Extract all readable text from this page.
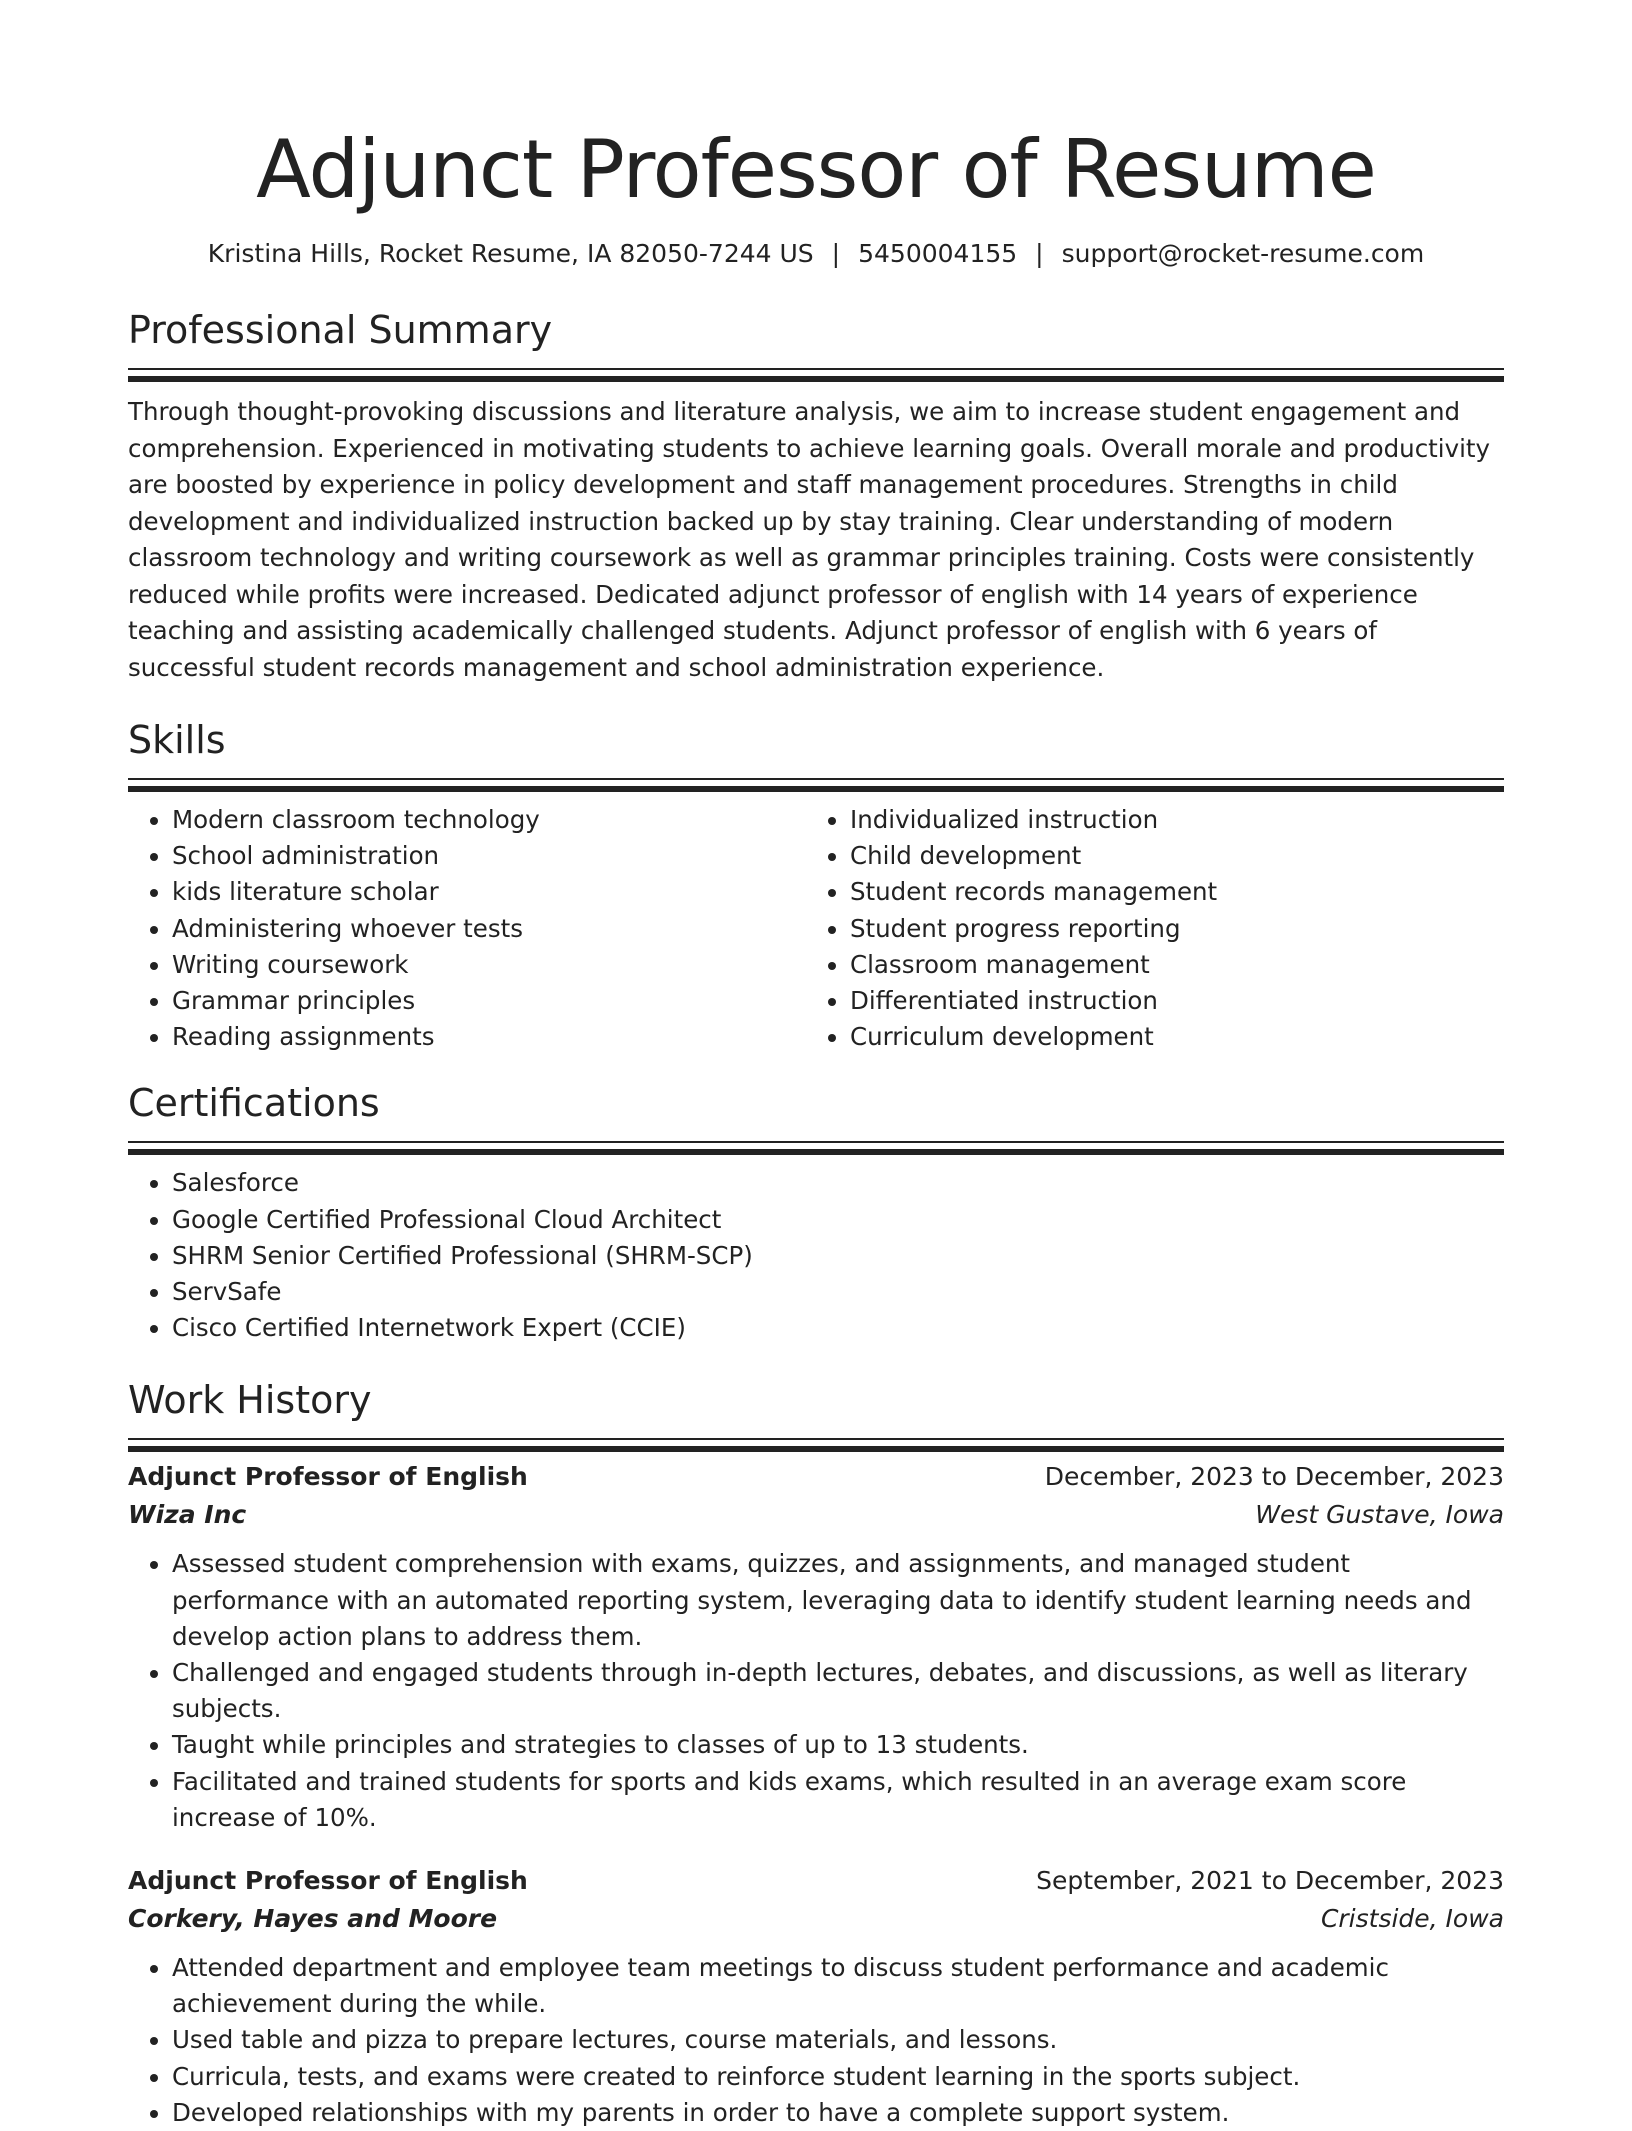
Adjunct Professor of Resume
Kristina Hills, Rocket Resume, IA 82050-7244 US | 5450004155 | support@rocket-resume.com
Professional Summary

Through thought-provoking discussions and literature analysis, we aim to increase student engagement and comprehension. Experienced in motivating students to achieve learning goals. Overall morale and productivity are boosted by experience in policy development and staff management procedures. Strengths in child development and individualized instruction backed up by stay training. Clear understanding of modern classroom technology and writing coursework as well as grammar principles training. Costs were consistently reduced while profits were increased. Dedicated adjunct professor of english with 14 years of experience teaching and assisting academically challenged students. Adjunct professor of english with 6 years of successful student records management and school administration experience.

Skills
• Modern classroom technology
• School administration
• kids literature scholar
• Administering whoever tests
• Writing coursework
• Grammar principles
• Reading assignments
• Individualized instruction
• Child development
• Student records management
• Student progress reporting
• Classroom management
• Differentiated instruction
• Curriculum development
Certifications
• Salesforce
• Google Certified Professional Cloud Architect
• SHRM Senior Certified Professional (SHRM-SCP)
• ServSafe
• Cisco Certified Internetwork Expert (CCIE)
Work History
Adjunct Professor of English	December, 2023 to December, 2023
Wiza Inc	West Gustave, Iowa
• Assessed student comprehension with exams, quizzes, and assignments, and managed student performance with an automated reporting system, leveraging data to identify student learning needs and develop action plans to address them.
• Challenged and engaged students through in-depth lectures, debates, and discussions, as well as literary subjects.
• Taught while principles and strategies to classes of up to 13 students.
• Facilitated and trained students for sports and kids exams, which resulted in an average exam score increase of 10%.
Adjunct Professor of English	September, 2021 to December, 2023
Corkery, Hayes and Moore	Cristside, Iowa
• Attended department and employee team meetings to discuss student performance and academic achievement during the while.
• Used table and pizza to prepare lectures, course materials, and lessons.
• Curricula, tests, and exams were created to reinforce student learning in the sports subject.
• Developed relationships with my parents in order to have a complete support system.
